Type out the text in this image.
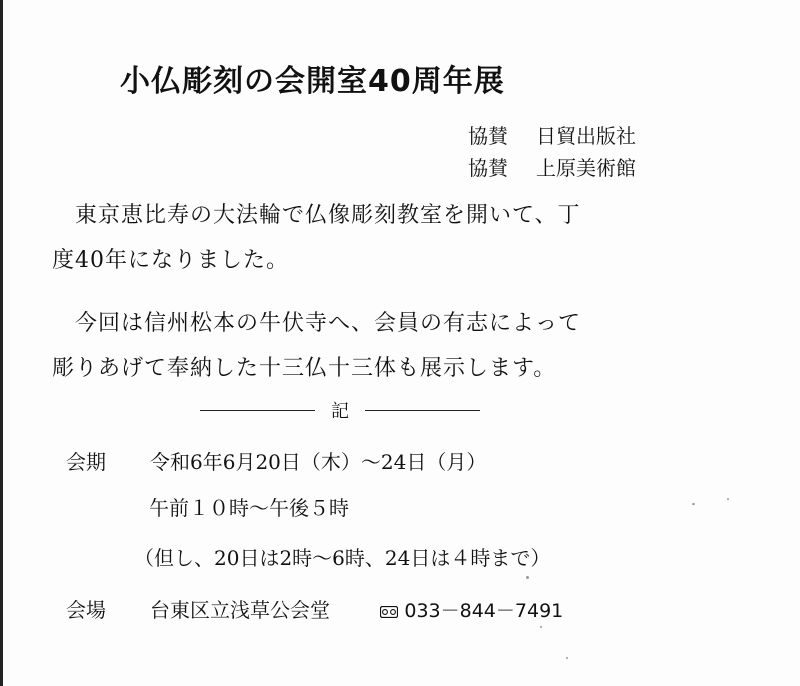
小仏彫刻の会開室40周年展
協賛 日貿出版社
協賛 上原美術館
　東京恵比寿の大法輪で仏像彫刻教室を開いて、丁
度40年になりました。
　今回は信州松本の牛伏寺へ、会員の有志によって
彫りあげて奉納した十三仏十三体も展示します。
記
会期 令和6年6月20日（木）～24日（月）
午前１０時～午後５時
（但し、20日は2時～6時、24日は４時まで）
会場 台東区立浅草公会堂	033－844－7491
